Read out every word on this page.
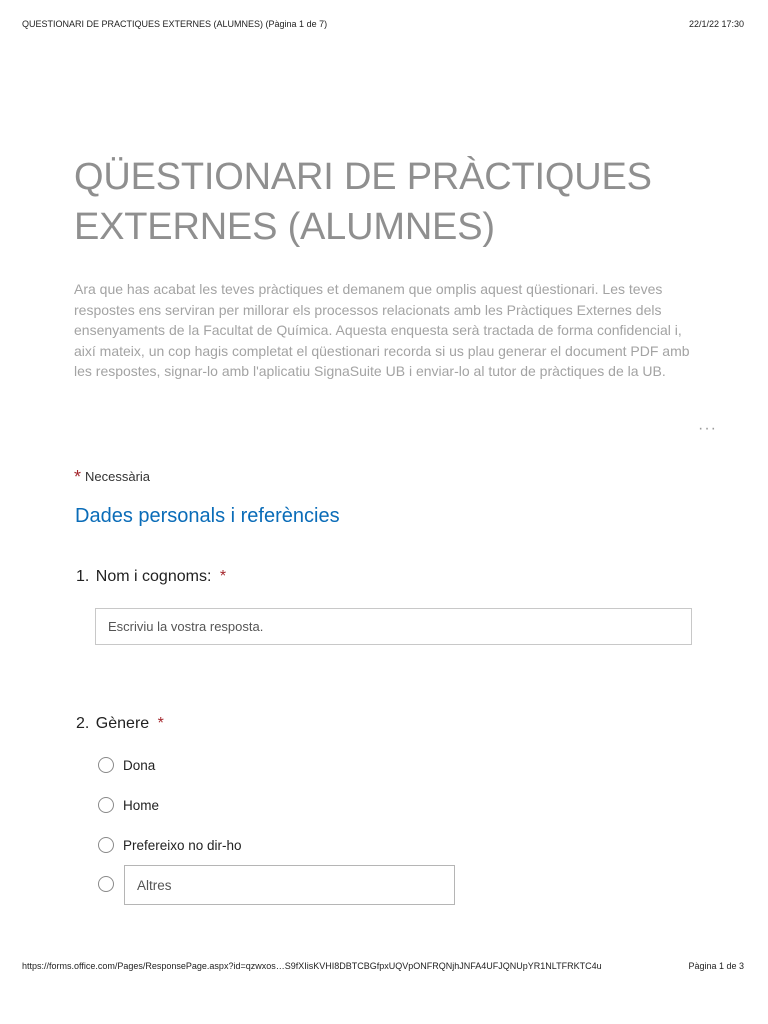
QUESTIONARI DE PRACTIQUES EXTERNES (ALUMNES) (Pàgina 1 de 7)	22/1/22 17:30
QÜESTIONARI DE PRÀCTIQUES
EXTERNES (ALUMNES)
Ara que has acabat les teves pràctiques et demanem que omplis aquest qüestionari. Les teves respostes ens serviran per millorar els processos relacionats amb les Pràctiques Externes dels ensenyaments de la Facultat de Química. Aquesta enquesta serà tractada de forma confidencial i, així mateix, un cop hagis completat el qüestionari recorda si us plau generar el document PDF amb les respostes, signar-lo amb l'aplicatiu SignaSuite UB i enviar-lo al tutor de pràctiques de la UB.
···
* Necessària
Dades personals i referències
1. Nom i cognoms: *
Escriviu la vostra resposta.
2. Gènere *
Dona
Home
Prefereixo no dir-ho
Altres
https://forms.office.com/Pages/ResponsePage.aspx?id=qzwxos…S9fXIisKVHI8DBTCBGfpxUQVpONFRQNjhJNFA4UFJQNUpYR1NLTFRKTC4u	Pàgina 1 de 3
